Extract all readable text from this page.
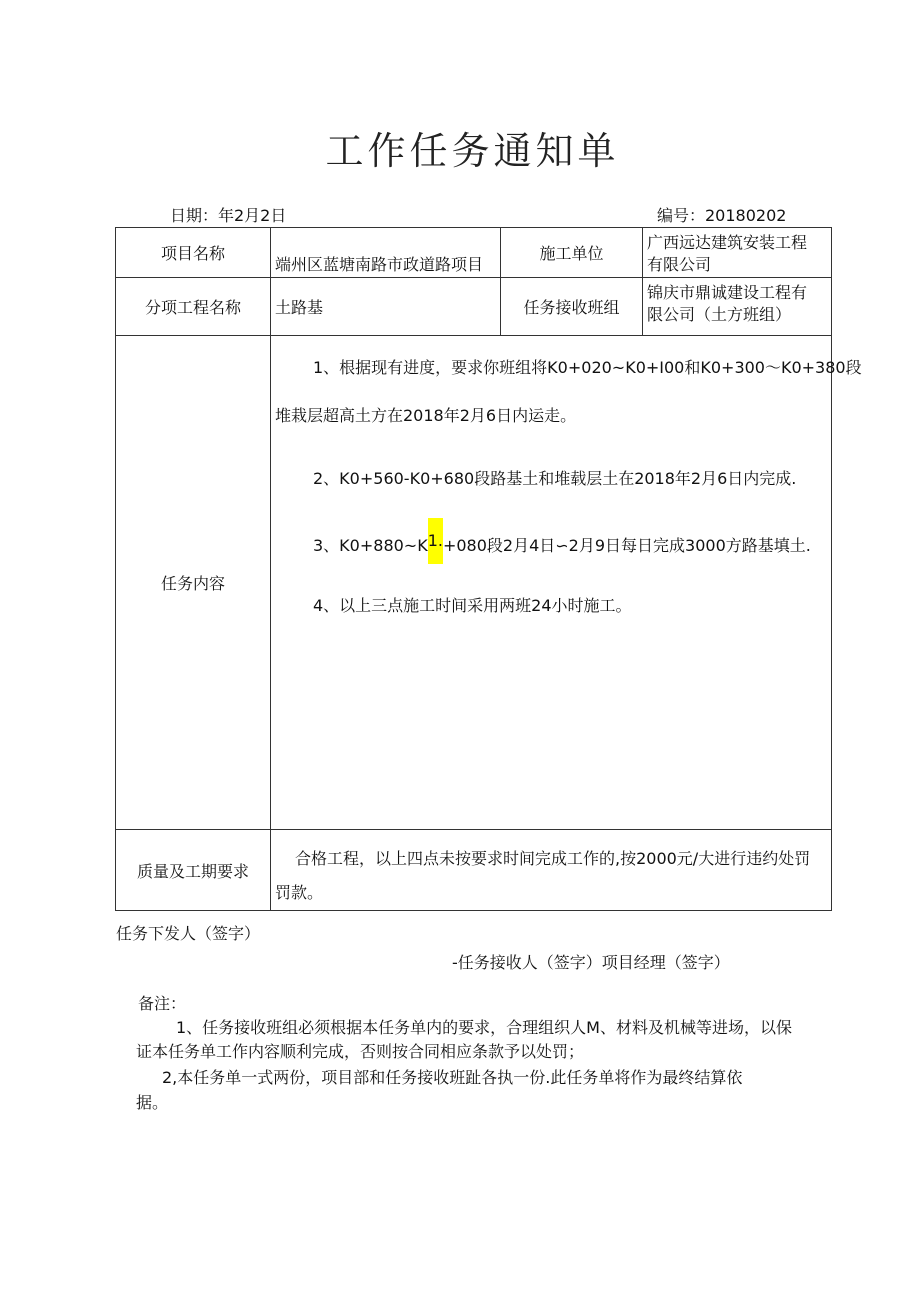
工作任务通知单
日期：年2月2日	编号：20180202
项目名称	端州区蓝塘南路市政道路项目	施工单位	广西远达建筑安装工程
有限公司

分项工程名称	土路基	任务接收班组	锦庆市鼎诚建设工程有
限公司（土方班组）

任务内容	1、根据现有进度，要求你班组将K0+020~K0+I00和K0+300～K0+380段
堆栽层超高土方在2018年2月6日内运走。
2、K0+560-K0+680段路基土和堆载层土在2018年2月6日内完成.
3、K0+880~K1.+080段2月4日∽2月9日每日完成3000方路基填土.
4、以上三点施工时间采用两班24小时施工。		

质量及工期要求	合格工程，以上四点未按要求时间完成工作的,按2000元/大进行违约处罚
罚款。		
任务下发人（签字）
-任务接收人（签字）项目经理（签字）
备注：
1、任务接收班组必须根据本任务单内的要求，合理组织人M、材料及机械等进场，以保
证本任务单工作内容顺利完成，否则按合同相应条款予以处罚；
2,本任务单一式两份，项目部和任务接收班趾各执一份.此任务单将作为最终结算依
据。
